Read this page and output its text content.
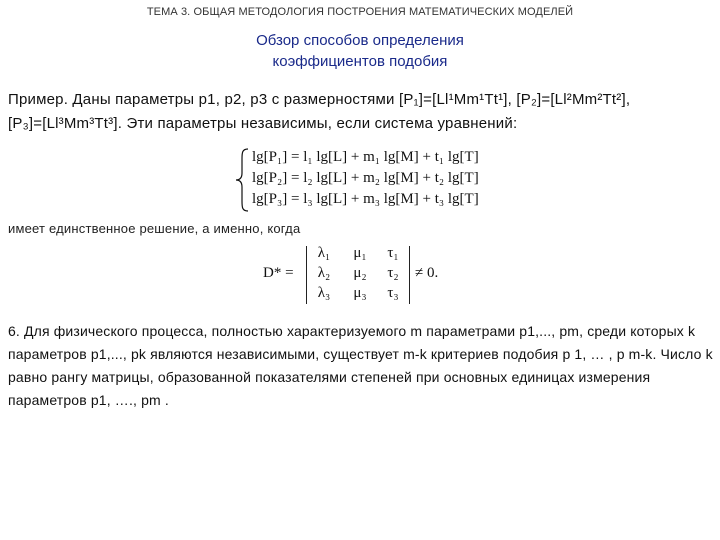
ТЕМА 3. ОБЩАЯ МЕТОДОЛОГИЯ ПОСТРОЕНИЯ МАТЕМАТИЧЕСКИХ МОДЕЛЕЙ
Обзор способов определения
коэффициентов подобия
Пример. Даны параметры p1, p2, p3 с размерностями [P₁]=[Ll¹Mm¹Tt¹], [P₂]=[Ll²Mm²Tt²],
[P₃]=[Ll³Mm³Tt³]. Эти параметры независимы, если система уравнений:
lg[P₁] = l₁ lg[L] + m₁ lg[M] + t₁ lg[T]
lg[P₂] = l₂ lg[L] + m₂ lg[M] + t₂ lg[T]
lg[P₃] = l₃ lg[L] + m₃ lg[M] + t₃ lg[T]
имеет единственное решение, а именно, когда
D* =
λ₁	μ₁	τ₁
λ₂	μ₂	τ₂
λ₃	μ₃	τ₃
≠ 0.
6. Для физического процесса, полностью характеризуемого m параметрами p1,..., pm, среди которых k параметров p1,..., pk являются независимыми, существует m-k критериев подобия p 1, … , p m-k. Число k равно рангу матрицы, образованной показателями степеней при основных единицах измерения параметров p1, …., pm .
